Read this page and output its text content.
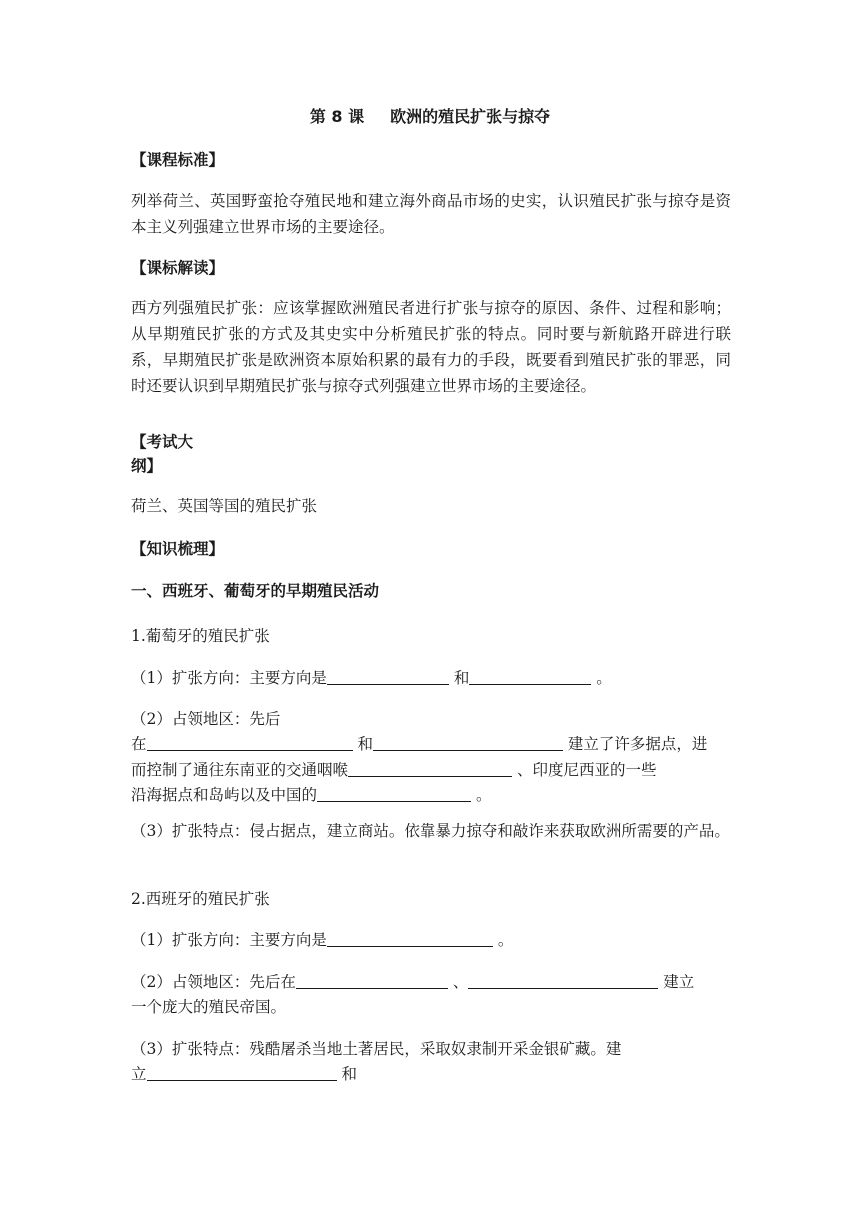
第 8 课 欧洲的殖民扩张与掠夺
【课程标准】
列举荷兰、英国野蛮抢夺殖民地和建立海外商品市场的史实，认识殖民扩张与掠夺是资本主义列强建立世界市场的主要途径。
【课标解读】
西方列强殖民扩张：应该掌握欧洲殖民者进行扩张与掠夺的原因、条件、过程和影响；从早期殖民扩张的方式及其史实中分析殖民扩张的特点。同时要与新航路开辟进行联系，早期殖民扩张是欧洲资本原始积累的最有力的手段，既要看到殖民扩张的罪恶，同时还要认识到早期殖民扩张与掠夺式列强建立世界市场的主要途径。
【考试大纲】
荷兰、英国等国的殖民扩张
【知识梳理】
一、西班牙、葡萄牙的早期殖民活动
1.葡萄牙的殖民扩张
（1）扩张方向：主要方向是	和	。
（2）占领地区：先后
在	和	建立了许多据点，进
而控制了通往东南亚的交通咽喉	、印度尼西亚的一些
沿海据点和岛屿以及中国的	。
（3）扩张特点：侵占据点，建立商站。依靠暴力掠夺和敲诈来获取欧洲所需要的产品。
2.西班牙的殖民扩张
（1）扩张方向：主要方向是	。
（2）占领地区：先后在	、	建立
一个庞大的殖民帝国。
（3）扩张特点：残酷屠杀当地土著居民，采取奴隶制开采金银矿藏。建
立	和
